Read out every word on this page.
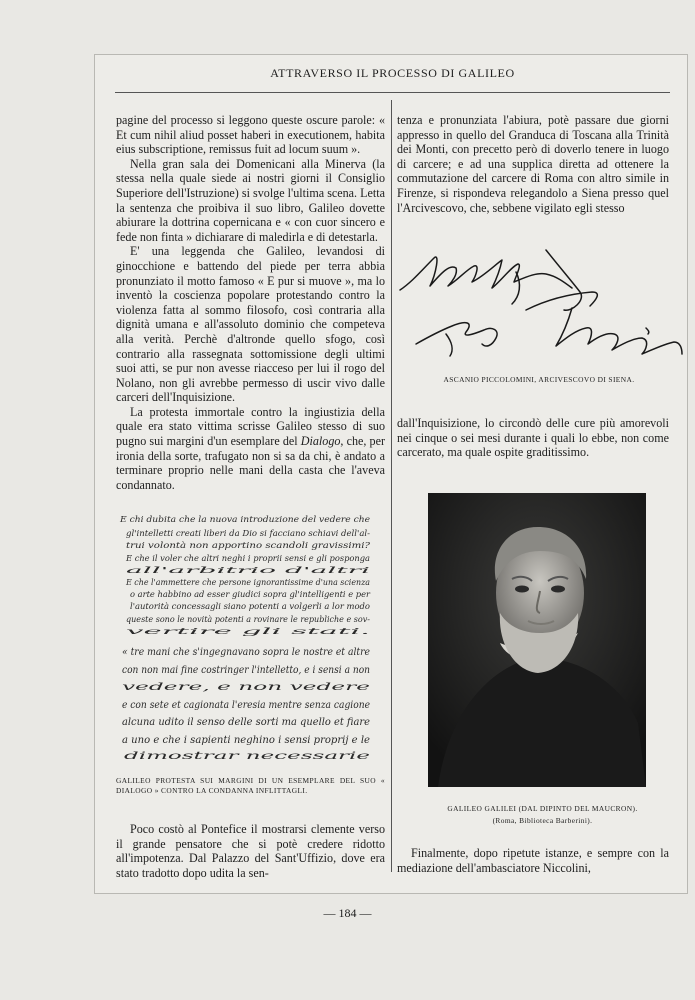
ATTRAVERSO IL PROCESSO DI GALILEO

pagine del processo si leggono queste oscure parole: « Et cum nihil aliud posset haberi in executionem, habita eius subscriptione, remissus fuit ad locum suum ».

Nella gran sala dei Domenicani alla Minerva (la stessa nella quale siede ai nostri giorni il Consiglio Superiore dell'Istruzione) si svolge l'ultima scena. Letta la sentenza che proibiva il suo libro, Galileo dovette abiurare la dottrina copernicana e « con cuor sincero e fede non finta » dichiarare di maledirla e di detestarla.

E' una leggenda che Galileo, levandosi di ginocchione e battendo del piede per terra abbia pronunziato il motto famoso « E pur si muove », ma lo inventò la coscienza popolare protestando contro la violenza fatta al sommo filosofo, così contraria alla dignità umana e all'assoluto dominio che competeva alla verità. Perchè d'altronde quello sfogo, così contrario alla rassegnata sottomissione degli ultimi suoi atti, se pur non avesse riacceso per lui il rogo del Nolano, non gli avrebbe permesso di uscir vivo dalle carceri dell'Inquisizione.

La protesta immortale contro la ingiustizia della quale era stato vittima scrisse Galileo stesso di suo pugno sui margini d'un esemplare del Dialogo, che, per ironia della sorte, trafugato non si sa da chi, è andato a terminare proprio nelle mani della casta che l'aveva condannato.

E chi dubita che la nuova introduzione del vedere che
gl'intelletti creati liberi da Dio si facciano schiavi dell'al-
trui volontà non apportino scandoli gravissimi?
E che il voler che altri neghi i proprii sensi e gli posponga
all'arbitrio d'altri
E che l'ammettere che persone ignorantissime d'una scienza
o arte habbino ad esser giudici sopra gl'intelligenti e per
l'autorità concessagli siano potenti a volgerli a lor modo
queste sono le novità potenti a rovinare le republiche e sov-
vertire gli stati.
« tre mani che s'ingegnavano sopra le nostre et altre
con non mai fine costringer l'intelletto, e i sensi a non
vedere, e non vedere
e con sete et cagionata l'eresia mentre senza cagione
alcuna udito il senso delle sorti ma quello et fiare
a uno e che i sapienti neghino i sensi proprij e le
dimostrar necessarie
GALILEO PROTESTA SUI MARGINI DI UN ESEMPLARE DEL SUO « DIALOGO » CONTRO LA CONDANNA INFLITTAGLI.

Poco costò al Pontefice il mostrarsi clemente verso il grande pensatore che si potè credere ridotto all'impotenza. Dal Palazzo del Sant'Uffizio, dove era stato tradotto dopo udita la sen-

tenza e pronunziata l'abiura, potè passare due giorni appresso in quello del Granduca di Toscana alla Trinità dei Monti, con precetto però di doverlo tenere in luogo di carcere; e ad una supplica diretta ad ottenere la commutazione del carcere di Roma con altro simile in Firenze, si rispondeva relegandolo a Siena presso quel l'Arcivescovo, che, sebbene vigilato egli stesso

ASCANIO PICCOLOMINI, ARCIVESCOVO DI SIENA.

dall'Inquisizione, lo circondò delle cure più amorevoli nei cinque o sei mesi durante i quali lo ebbe, non come carcerato, ma quale ospite graditissimo.

GALILEO GALILEI (DAL DIPINTO DEL MAUCRON).
(Roma, Biblioteca Barberini).

Finalmente, dopo ripetute istanze, e sempre con la mediazione dell'ambasciatore Niccolini,

— 184 —
